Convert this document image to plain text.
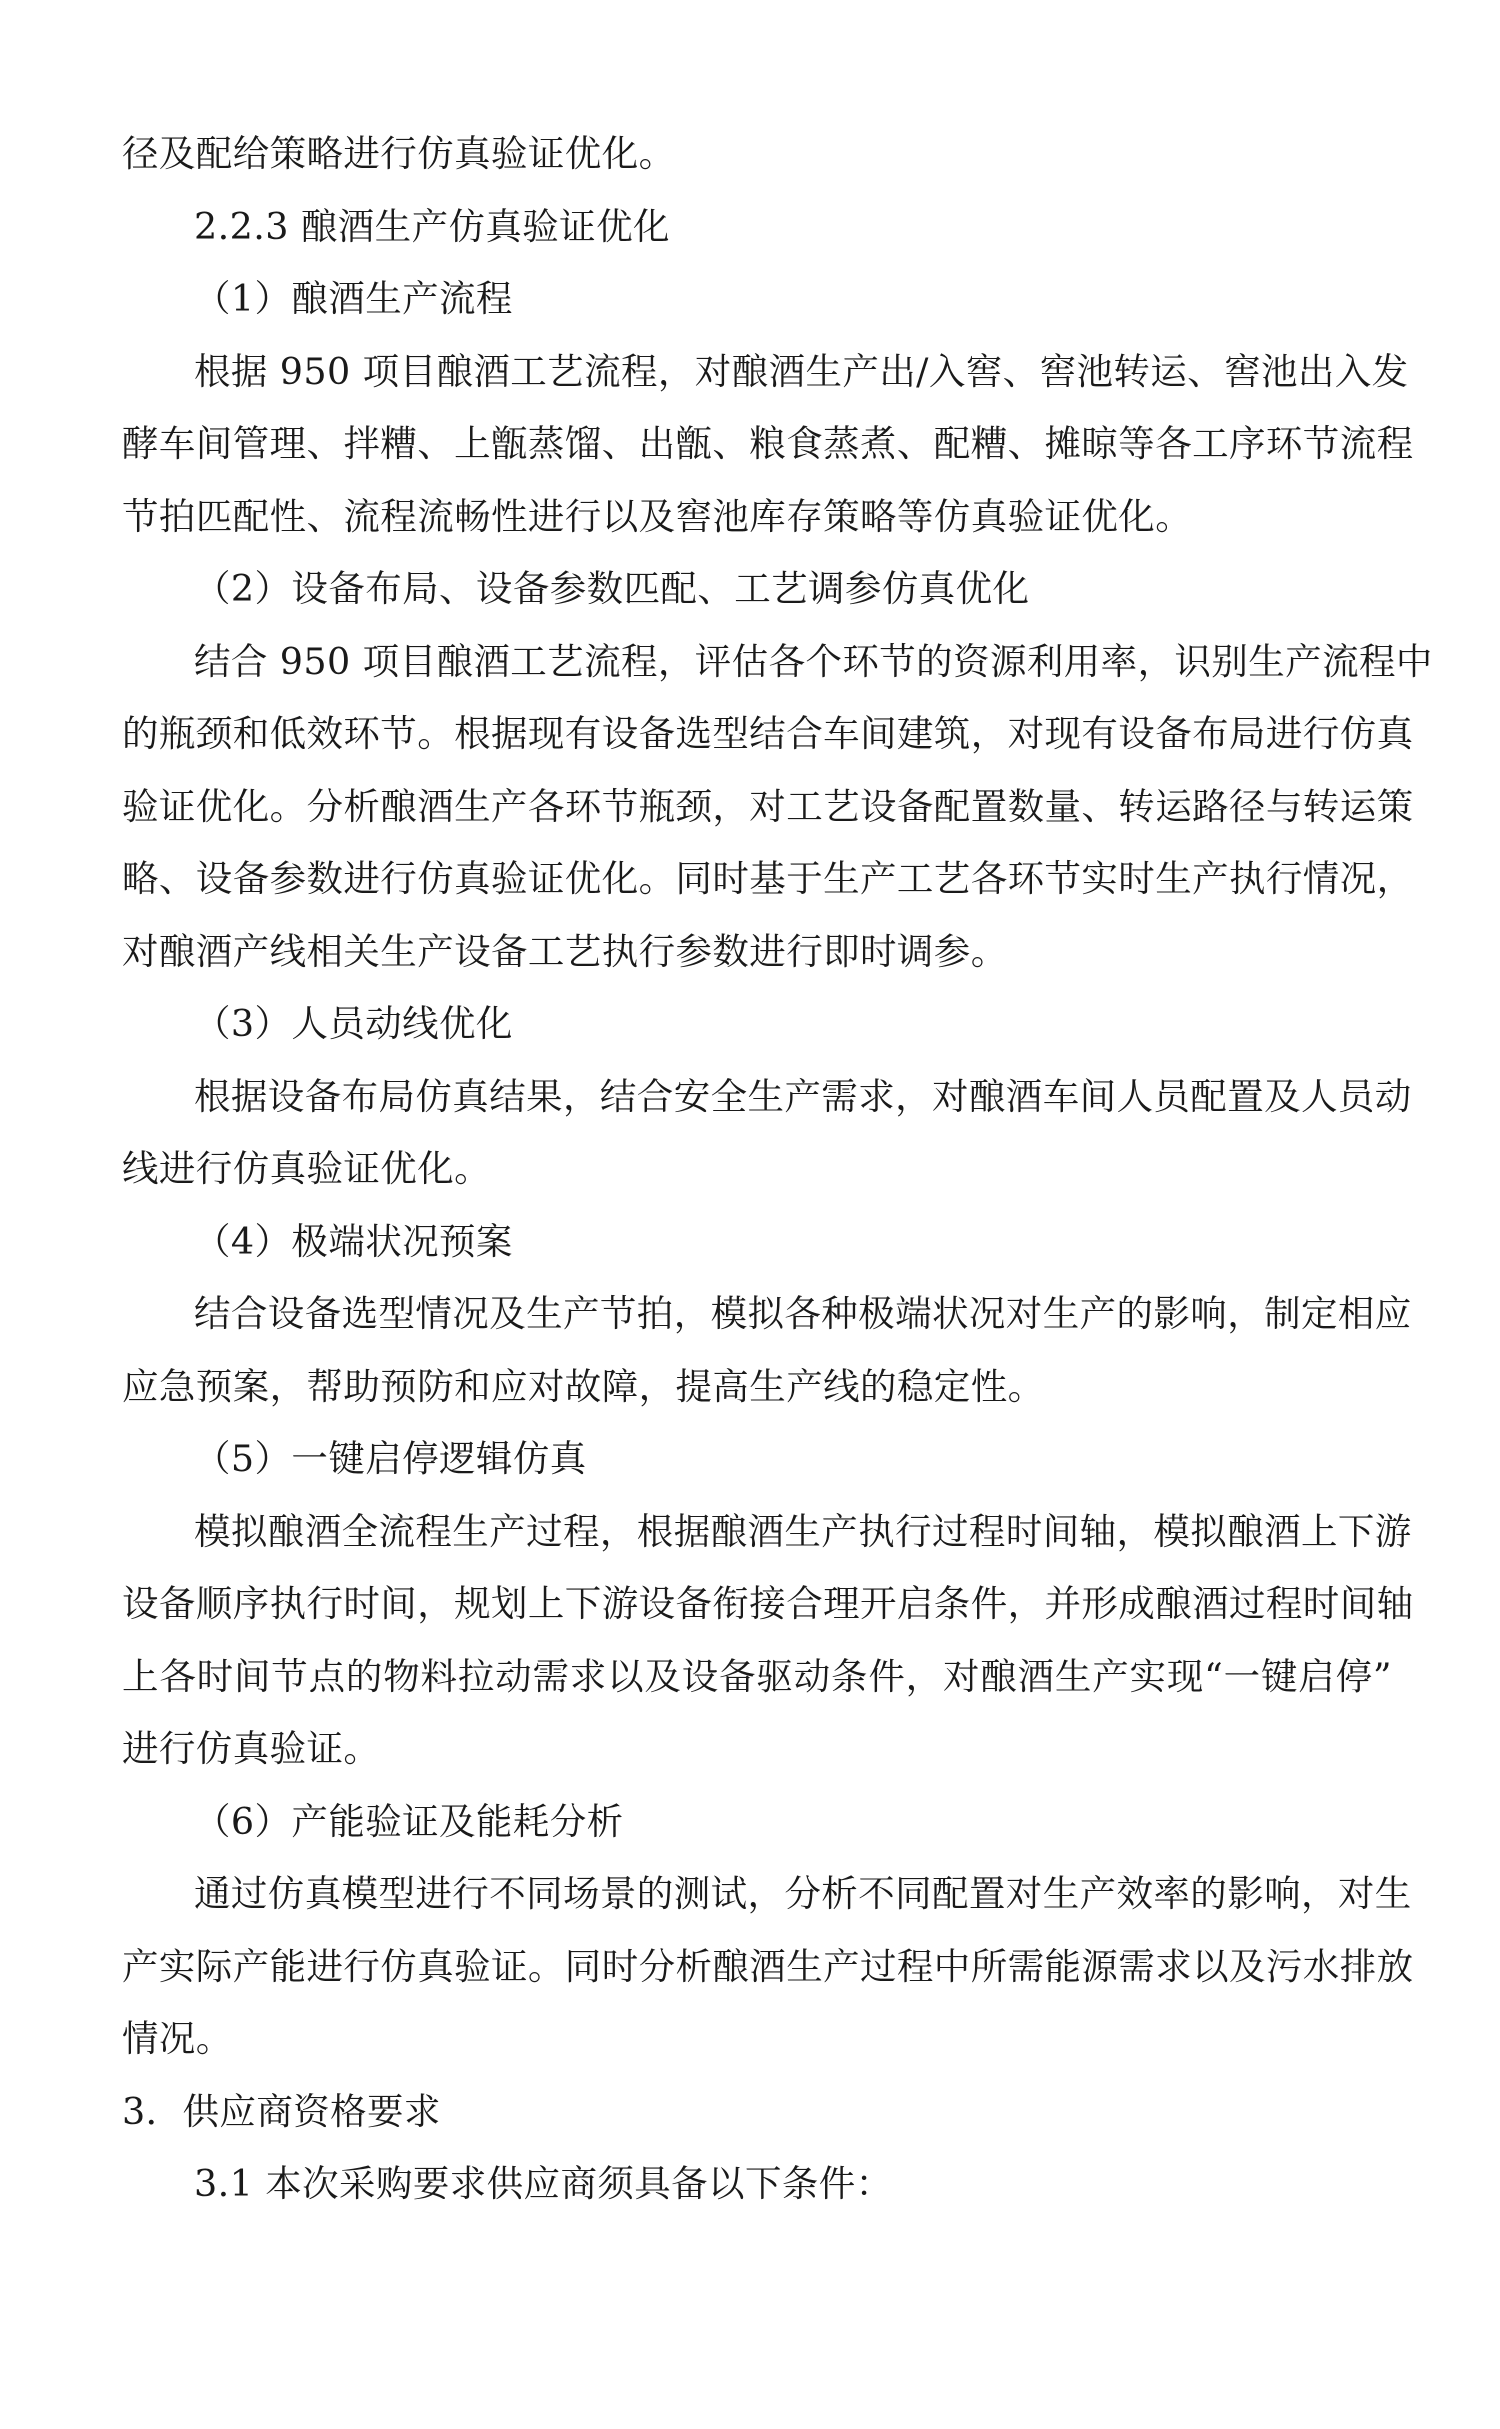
径及配给策略进行仿真验证优化。
2.2.3 酿酒生产仿真验证优化
（1）酿酒生产流程
根据 950 项目酿酒工艺流程，对酿酒生产出/入窖、窖池转运、窖池出入发
酵车间管理、拌糟、上甑蒸馏、出甑、粮食蒸煮、配糟、摊晾等各工序环节流程
节拍匹配性、流程流畅性进行以及窖池库存策略等仿真验证优化。
（2）设备布局、设备参数匹配、工艺调参仿真优化
结合 950 项目酿酒工艺流程，评估各个环节的资源利用率，识别生产流程中
的瓶颈和低效环节。根据现有设备选型结合车间建筑，对现有设备布局进行仿真
验证优化。分析酿酒生产各环节瓶颈，对工艺设备配置数量、转运路径与转运策
略、设备参数进行仿真验证优化。同时基于生产工艺各环节实时生产执行情况，
对酿酒产线相关生产设备工艺执行参数进行即时调参。
（3）人员动线优化
根据设备布局仿真结果，结合安全生产需求，对酿酒车间人员配置及人员动
线进行仿真验证优化。
（4）极端状况预案
结合设备选型情况及生产节拍，模拟各种极端状况对生产的影响，制定相应
应急预案，帮助预防和应对故障，提高生产线的稳定性。
（5）一键启停逻辑仿真
模拟酿酒全流程生产过程，根据酿酒生产执行过程时间轴，模拟酿酒上下游
设备顺序执行时间，规划上下游设备衔接合理开启条件，并形成酿酒过程时间轴
上各时间节点的物料拉动需求以及设备驱动条件，对酿酒生产实现“一键启停”
进行仿真验证。
（6）产能验证及能耗分析
通过仿真模型进行不同场景的测试，分析不同配置对生产效率的影响，对生
产实际产能进行仿真验证。同时分析酿酒生产过程中所需能源需求以及污水排放
情况。
3．供应商资格要求
3.1 本次采购要求供应商须具备以下条件：
